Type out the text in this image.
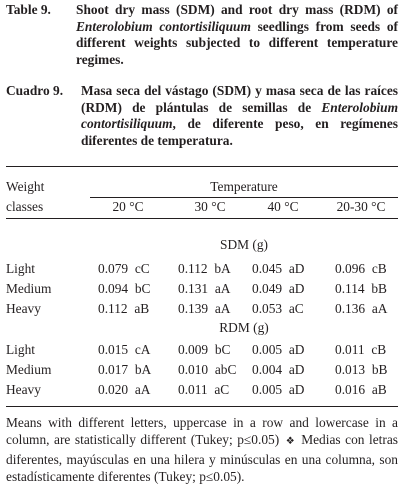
Table 9. Shoot dry mass (SDM) and root dry mass (RDM) of Enterolobium contortisiliquum seedlings from seeds of different weights subjected to different temperature regimes.
Cuadro 9. Masa seca del vástago (SDM) y masa seca de las raíces (RDM) de plántulas de semillas de Enterolobium contortisiliquum, de diferente peso, en regímenes diferentes de temperatura.
Weight
classes
Temperature
20 °C	30 °C	40 °C	20-30 °C
SDM (g)
Light	0.079 cC 0.112 bA 0.045 aD 0.096 cB
Medium	0.094 bC 0.131 aA 0.049 aD 0.114 bB
Heavy	0.112 aB 0.139 aA 0.053 aC 0.136 aA
RDM (g)
Light	0.015 cA 0.009 bC 0.005 aD 0.011 cB
Medium	0.017 bA 0.010 abC 0.004 aD 0.013 bB
Heavy	0.020 aA 0.011 aC 0.005 aD 0.016 aB
Means with different letters, uppercase in a row and lowercase in a column, are statistically different (Tukey; p≤0.05) ❖ Medias con letras diferentes, mayúsculas en una hilera y minúsculas en una columna, son estadísticamente diferentes (Tukey; p≤0.05).
